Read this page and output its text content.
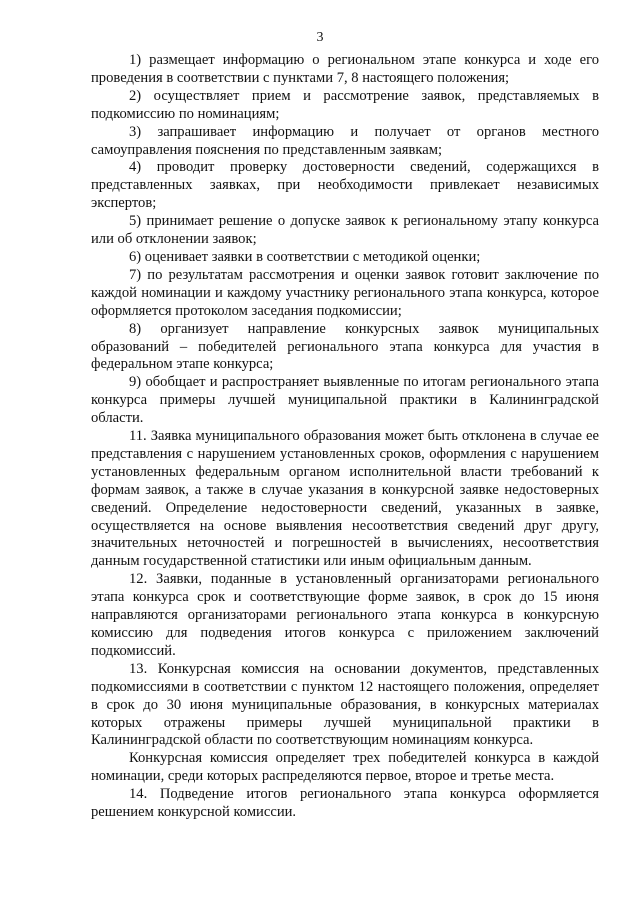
3

1) размещает информацию о региональном этапе конкурса и ходе его проведения в соответствии с пунктами 7, 8 настоящего положения;

2) осуществляет прием и рассмотрение заявок, представляемых в подкомиссию по номинациям;

3) запрашивает информацию и получает от органов местного самоуправления пояснения по представленным заявкам;

4) проводит проверку достоверности сведений, содержащихся в представленных заявках, при необходимости привлекает независимых экспертов;

5) принимает решение о допуске заявок к региональному этапу конкурса или об отклонении заявок;

6) оценивает заявки в соответствии с методикой оценки;

7) по результатам рассмотрения и оценки заявок готовит заключение по каждой номинации и каждому участнику регионального этапа конкурса, которое оформляется протоколом заседания подкомиссии;

8) организует направление конкурсных заявок муниципальных образований – победителей регионального этапа конкурса для участия в федеральном этапе конкурса;

9) обобщает и распространяет выявленные по итогам регионального этапа конкурса примеры лучшей муниципальной практики в Калининградской области.

11. Заявка муниципального образования может быть отклонена в случае ее представления с нарушением установленных сроков, оформления с нарушением установленных федеральным органом исполнительной власти требований к формам заявок, а также в случае указания в конкурсной заявке недостоверных сведений. Определение недостоверности сведений, указанных в заявке, осуществляется на основе выявления несоответствия сведений друг другу, значительных неточностей и погрешностей в вычислениях, несоответствия данным государственной статистики или иным официальным данным.

12. Заявки, поданные в установленный организаторами регионального этапа конкурса срок и соответствующие форме заявок, в срок до 15 июня направляются организаторами регионального этапа конкурса в конкурсную комиссию для подведения итогов конкурса с приложением заключений подкомиссий.

13. Конкурсная комиссия на основании документов, представленных подкомиссиями в соответствии с пунктом 12 настоящего положения, определяет в срок до 30 июня муниципальные образования, в конкурсных материалах которых отражены примеры лучшей муниципальной практики в Калининградской области по соответствующим номинациям конкурса.

Конкурсная комиссия определяет трех победителей конкурса в каждой номинации, среди которых распределяются первое, второе и третье места.

14. Подведение итогов регионального этапа конкурса оформляется решением конкурсной комиссии.
